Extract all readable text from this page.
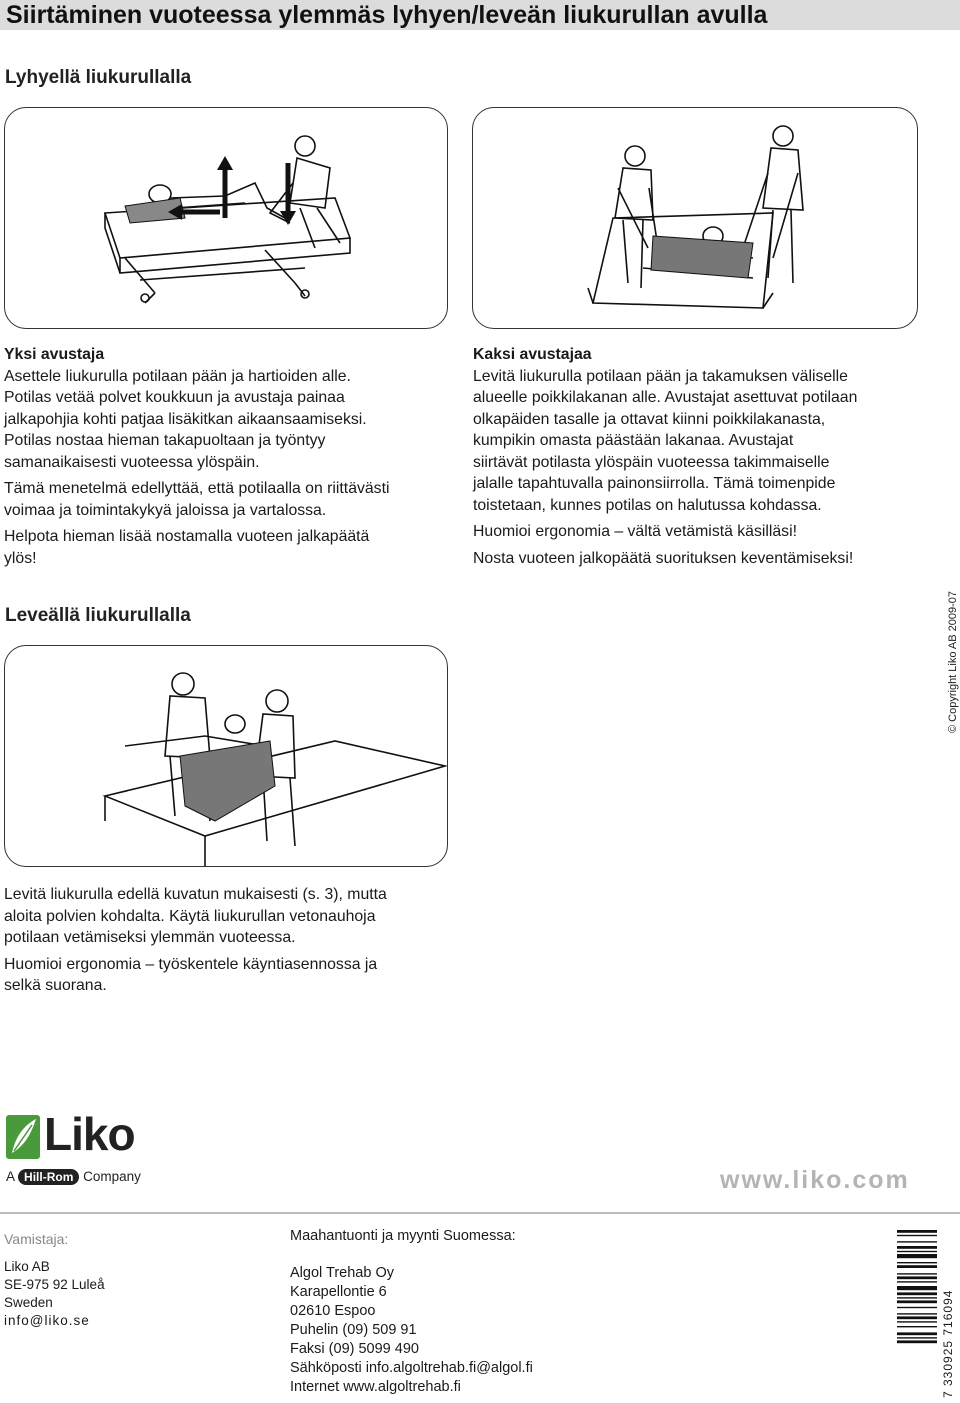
Siirtäminen vuoteessa ylemmäs lyhyen/leveän liukurullan avulla
Lyhyellä liukurullalla
Yksi avustaja

Asettele liukurulla potilaan pään ja hartioiden alle.
Potilas vetää polvet koukkuun ja avustaja painaa
jalkapohjia kohti patjaa lisäkitkan aikaansaamiseksi.
Potilas nostaa hieman takapuoltaan ja työntyy
samanaikaisesti vuoteessa ylöspäin.

Tämä menetelmä edellyttää, että potilaalla on riittävästi
voimaa ja toimintakykyä jaloissa ja vartalossa.

Helpota hieman lisää nostamalla vuoteen jalkapäätä
ylös!

Kaksi avustajaa

Levitä liukurulla potilaan pään ja takamuksen väliselle
alueelle poikkilakanan alle. Avustajat asettuvat potilaan
olkapäiden tasalle ja ottavat kiinni poikkilakanasta,
kumpikin omasta päästään lakanaa. Avustajat
siirtävät potilasta ylöspäin vuoteessa takimmaiselle
jalalle tapahtuvalla painonsiirrolla. Tämä toimenpide
toistetaan, kunnes potilas on halutussa kohdassa.

Huomioi ergonomia – vältä vetämistä käsilläsi!

Nosta vuoteen jalkopäätä suorituksen keventämiseksi!

Leveällä liukurullalla	© Copyright Liko AB 2009-07

Levitä liukurulla edellä kuvatun mukaisesti (s. 3), mutta
aloita polvien kohdalta. Käytä liukurullan vetonauhoja
potilaan vetämiseksi ylemmän vuoteessa.

Huomioi ergonomia – työskentele käyntiasennossa ja
selkä suorana.

Liko
A Hill-Rom Company	www.liko.com
Vamistaja:
Liko AB
SE-975 92 Luleå
Sweden
info@liko.se
Maahantuonti ja myynti Suomessa:
Algol Trehab Oy
Karapellontie 6
02610 Espoo
Puhelin (09) 509 91
Faksi (09) 5099 490
Sähköposti info.algoltrehab.fi@algol.fi
Internet www.algoltrehab.fi	7 330925 716094
